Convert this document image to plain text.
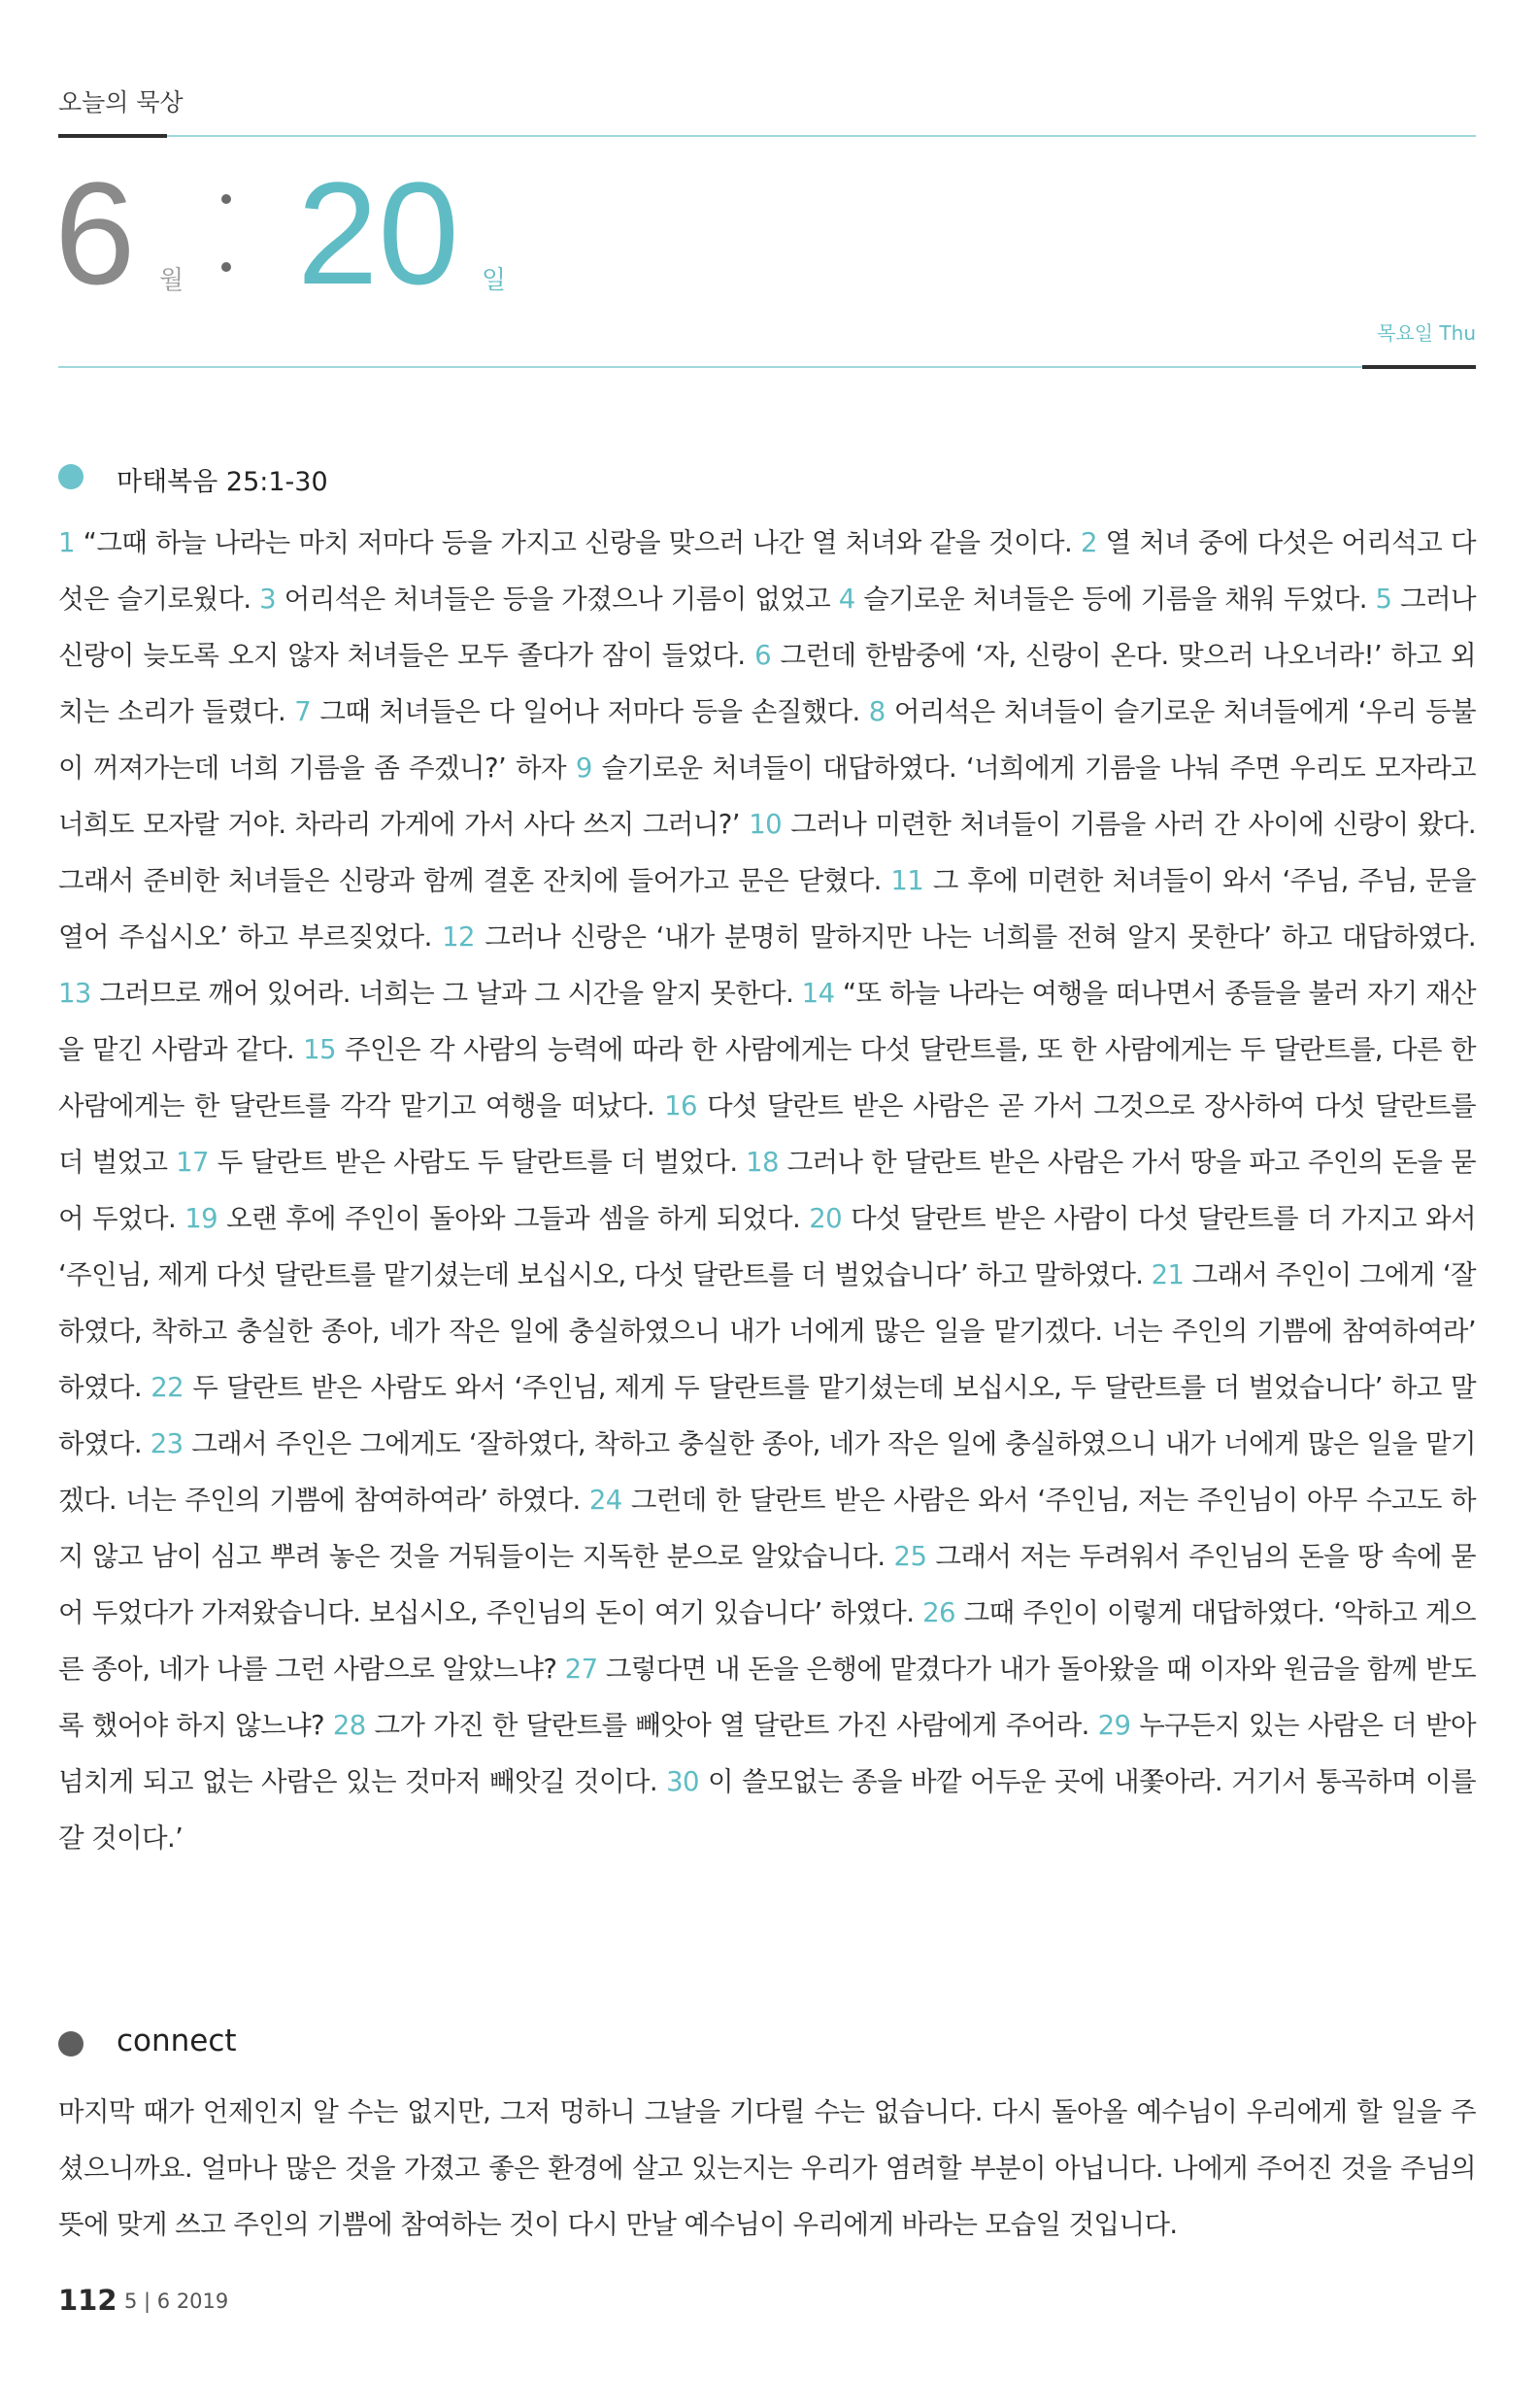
오늘의 묵상
6 월 20 일
목요일 Thu
마태복음 25:1-30
1 “그때 하늘 나라는 마치 저마다 등을 가지고 신랑을 맞으러 나간 열 처녀와 같을 것이다. 2 열 처녀 중에 다섯은 어리석고 다섯은 슬기로웠다. 3 어리석은 처녀들은 등을 가졌으나 기름이 없었고 4 슬기로운 처녀들은 등에 기름을 채워 두었다. 5 그러나 신랑이 늦도록 오지 않자 처녀들은 모두 졸다가 잠이 들었다. 6 그런데 한밤중에 ‘자, 신랑이 온다. 맞으러 나오너라!’ 하고 외치는 소리가 들렸다. 7 그때 처녀들은 다 일어나 저마다 등을 손질했다. 8 어리석은 처녀들이 슬기로운 처녀들에게 ‘우리 등불이 꺼져가는데 너희 기름을 좀 주겠니?’ 하자 9 슬기로운 처녀들이 대답하였다. ‘너희에게 기름을 나눠 주면 우리도 모자라고 너희도 모자랄 거야. 차라리 가게에 가서 사다 쓰지 그러니?’ 10 그러나 미련한 처녀들이 기름을 사러 간 사이에 신랑이 왔다. 그래서 준비한 처녀들은 신랑과 함께 결혼 잔치에 들어가고 문은 닫혔다. 11 그 후에 미련한 처녀들이 와서 ‘주님, 주님, 문을 열어 주십시오’ 하고 부르짖었다. 12 그러나 신랑은 ‘내가 분명히 말하지만 나는 너희를 전혀 알지 못한다’ 하고 대답하였다. 13 그러므로 깨어 있어라. 너희는 그 날과 그 시간을 알지 못한다. 14 “또 하늘 나라는 여행을 떠나면서 종들을 불러 자기 재산을 맡긴 사람과 같다. 15 주인은 각 사람의 능력에 따라 한 사람에게는 다섯 달란트를, 또 한 사람에게는 두 달란트를, 다른 한 사람에게는 한 달란트를 각각 맡기고 여행을 떠났다. 16 다섯 달란트 받은 사람은 곧 가서 그것으로 장사하여 다섯 달란트를 더 벌었고 17 두 달란트 받은 사람도 두 달란트를 더 벌었다. 18 그러나 한 달란트 받은 사람은 가서 땅을 파고 주인의 돈을 묻어 두었다. 19 오랜 후에 주인이 돌아와 그들과 셈을 하게 되었다. 20 다섯 달란트 받은 사람이 다섯 달란트를 더 가지고 와서 ‘주인님, 제게 다섯 달란트를 맡기셨는데 보십시오, 다섯 달란트를 더 벌었습니다’ 하고 말하였다. 21 그래서 주인이 그에게 ‘잘하였다, 착하고 충실한 종아, 네가 작은 일에 충실하였으니 내가 너에게 많은 일을 맡기겠다. 너는 주인의 기쁨에 참여하여라’ 하였다. 22 두 달란트 받은 사람도 와서 ‘주인님, 제게 두 달란트를 맡기셨는데 보십시오, 두 달란트를 더 벌었습니다’ 하고 말하였다. 23 그래서 주인은 그에게도 ‘잘하였다, 착하고 충실한 종아, 네가 작은 일에 충실하였으니 내가 너에게 많은 일을 맡기겠다. 너는 주인의 기쁨에 참여하여라’ 하였다. 24 그런데 한 달란트 받은 사람은 와서 ‘주인님, 저는 주인님이 아무 수고도 하지 않고 남이 심고 뿌려 놓은 것을 거둬들이는 지독한 분으로 알았습니다. 25 그래서 저는 두려워서 주인님의 돈을 땅 속에 묻어 두었다가 가져왔습니다. 보십시오, 주인님의 돈이 여기 있습니다’ 하였다. 26 그때 주인이 이렇게 대답하였다. ‘악하고 게으른 종아, 네가 나를 그런 사람으로 알았느냐? 27 그렇다면 내 돈을 은행에 맡겼다가 내가 돌아왔을 때 이자와 원금을 함께 받도록 했어야 하지 않느냐? 28 그가 가진 한 달란트를 빼앗아 열 달란트 가진 사람에게 주어라. 29 누구든지 있는 사람은 더 받아 넘치게 되고 없는 사람은 있는 것마저 빼앗길 것이다. 30 이 쓸모없는 종을 바깥 어두운 곳에 내쫓아라. 거기서 통곡하며 이를 갈 것이다.’
connect
마지막 때가 언제인지 알 수는 없지만, 그저 멍하니 그날을 기다릴 수는 없습니다. 다시 돌아올 예수님이 우리에게 할 일을 주셨으니까요. 얼마나 많은 것을 가졌고 좋은 환경에 살고 있는지는 우리가 염려할 부분이 아닙니다. 나에게 주어진 것을 주님의 뜻에 맞게 쓰고 주인의 기쁨에 참여하는 것이 다시 만날 예수님이 우리에게 바라는 모습일 것입니다.
112 5 | 6 2019
